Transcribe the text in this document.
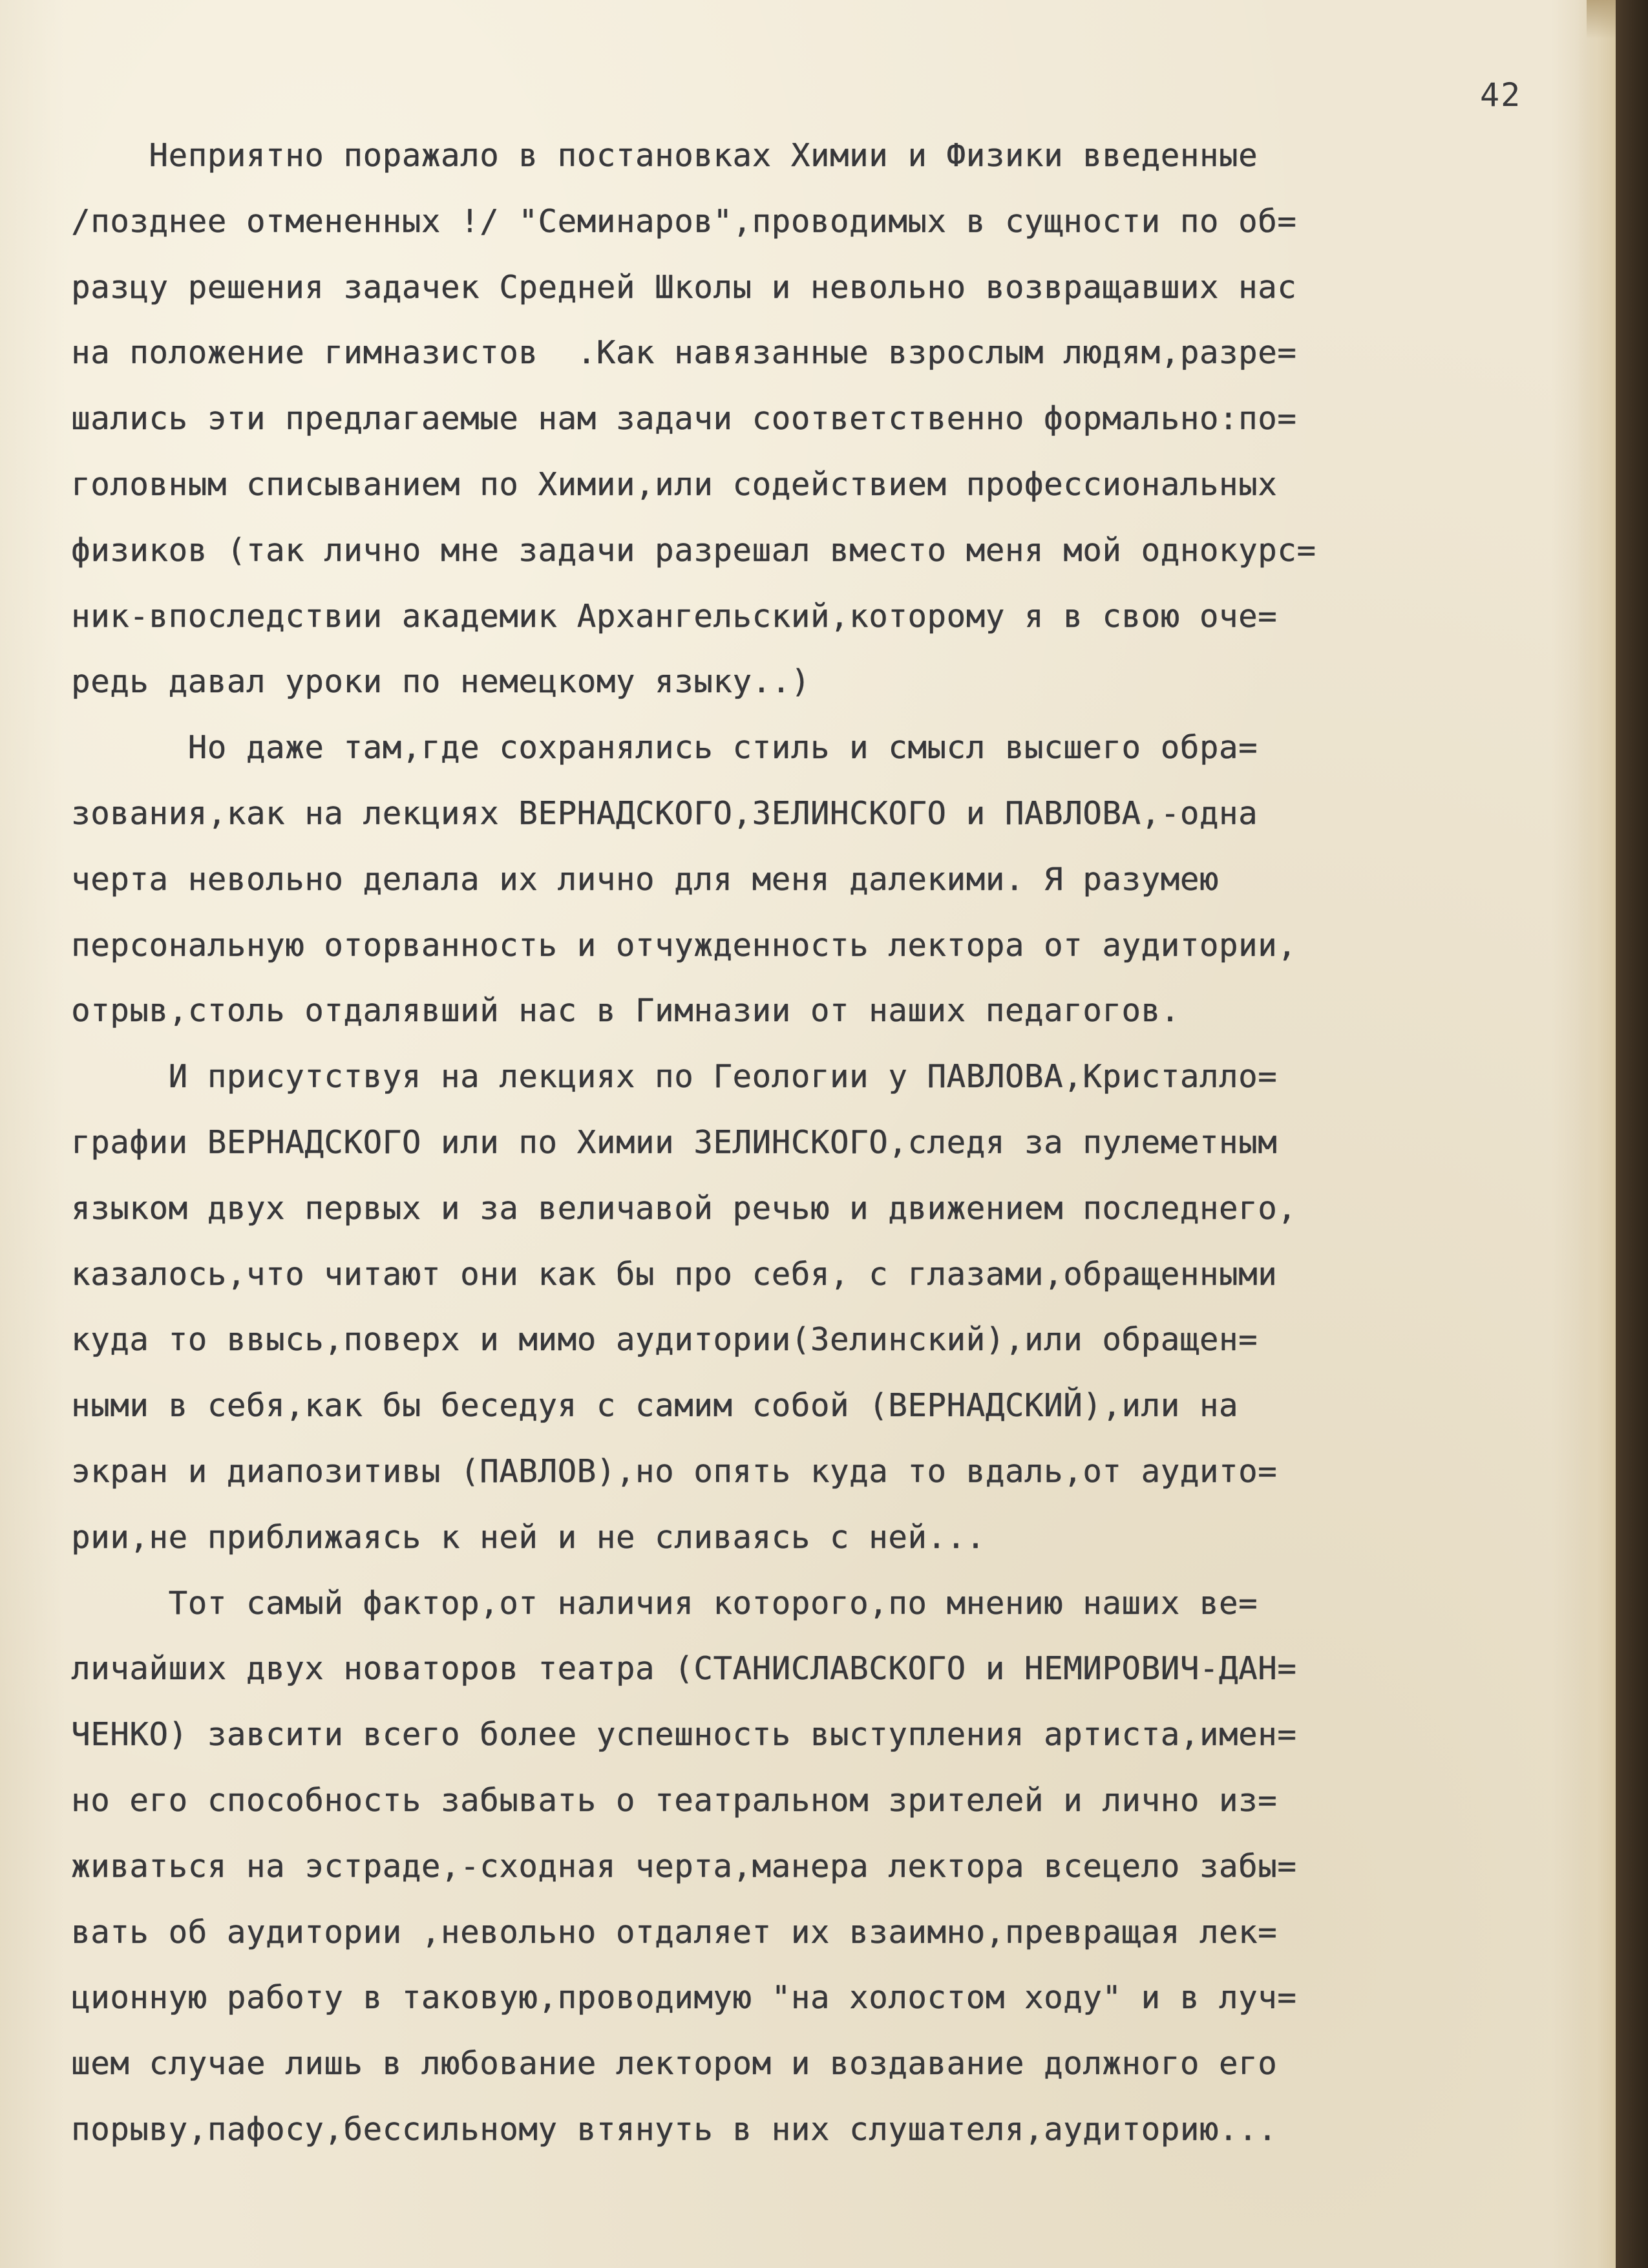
42
Неприятно поражало в постановках Химии и Физики введенные
/позднее отмененных !/ "Семинаров",проводимых в сущности по об=
разцу решения задачек Средней Школы и невольно возвращавших нас
на положение гимназистов  .Как навязанные взрослым людям,разре=
шались эти предлагаемые нам задачи соответственно формально:по=
головным списыванием по Химии,или содействием профессиональных
физиков (так лично мне задачи разрешал вместо меня мой однокурс=
ник-впоследствии академик Архангельский,которому я в свою оче=
редь давал уроки по немецкому языку..)
Но даже там,где сохранялись стиль и смысл высшего обра=
зования,как на лекциях ВЕРНАДСКОГО,ЗЕЛИНСКОГО и ПАВЛОВА,-одна
черта невольно делала их лично для меня далекими. Я разумею
персональную оторванность и отчужденность лектора от аудитории,
отрыв,столь отдалявший нас в Гимназии от наших педагогов.
И присутствуя на лекциях по Геологии у ПАВЛОВА,Кристалло=
графии ВЕРНАДСКОГО или по Химии ЗЕЛИНСКОГО,следя за пулеметным
языком двух первых и за величавой речью и движением последнего,
казалось,что читают они как бы про себя, с глазами,обращенными
куда то ввысь,поверх и мимо аудитории(Зелинский),или обращен=
ными в себя,как бы беседуя с самим собой (ВЕРНАДСКИЙ),или на
экран и диапозитивы (ПАВЛОВ),но опять куда то вдаль,от аудито=
рии,не приближаясь к ней и не сливаясь с ней...
Тот самый фактор,от наличия которого,по мнению наших ве=
личайших двух новаторов театра (СТАНИСЛАВСКОГО и НЕМИРОВИЧ-ДАН=
ЧЕНКО) завсити всего более успешность выступления артиста,имен=
но его способность забывать о театральном зрителей и лично из=
живаться на эстраде,-сходная черта,манера лектора всецело забы=
вать об аудитории ,невольно отдаляет их взаимно,превращая лек=
ционную работу в таковую,проводимую "на холостом ходу" и в луч=
шем случае лишь в любование лектором и воздавание должного его
порыву,пафосу,бессильному втянуть в них слушателя,аудиторию...
